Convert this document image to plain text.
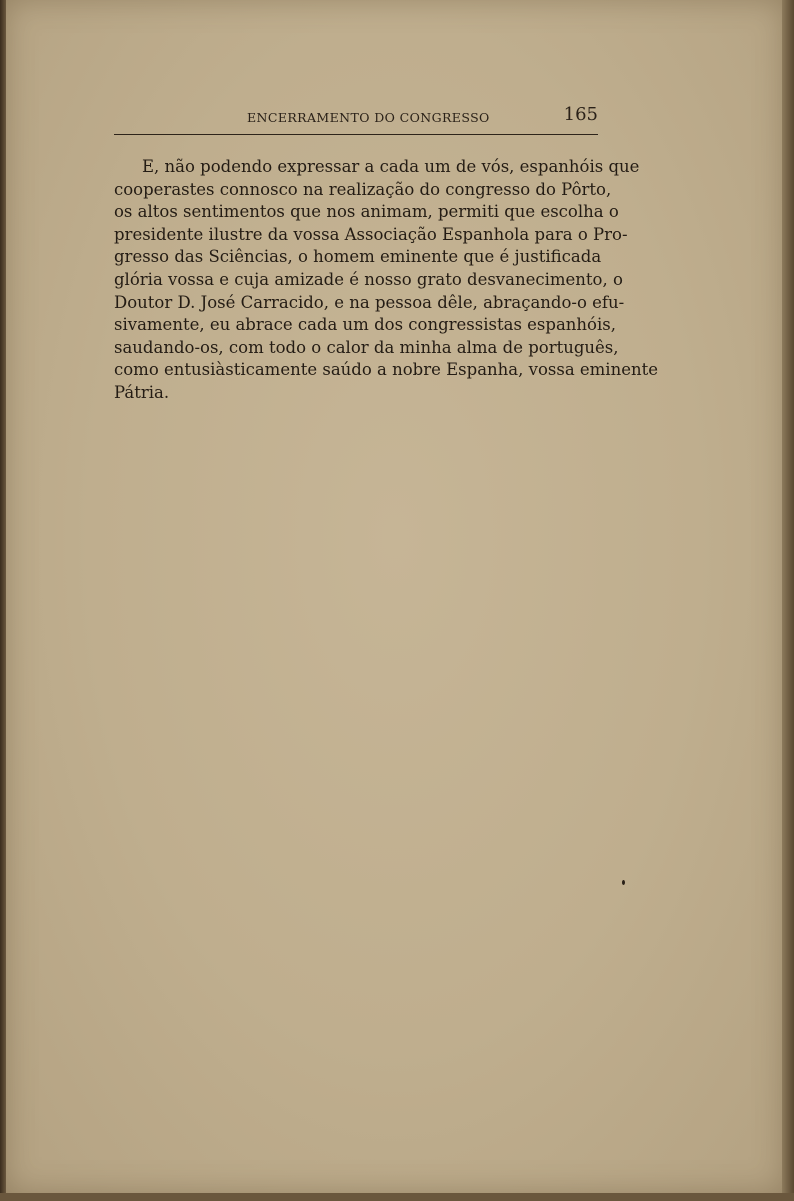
ENCERRAMENTO DO CONGRESSO	165
E, não podendo expressar a cada um de vós, espanhóis que
cooperastes connosco na realização do congresso do Pôrto,
os altos sentimentos que nos animam, permiti que escolha o
presidente ilustre da vossa Associação Espanhola para o Pro-
gresso das Sciências, o homem eminente que é justificada
glória vossa e cuja amizade é nosso grato desvanecimento, o
Doutor D. José Carracido, e na pessoa dêle, abraçando-o efu-
sivamente, eu abrace cada um dos congressistas espanhóis,
saudando-os, com todo o calor da minha alma de português,
como entusiàsticamente saúdo a nobre Espanha, vossa eminente
Pátria.
